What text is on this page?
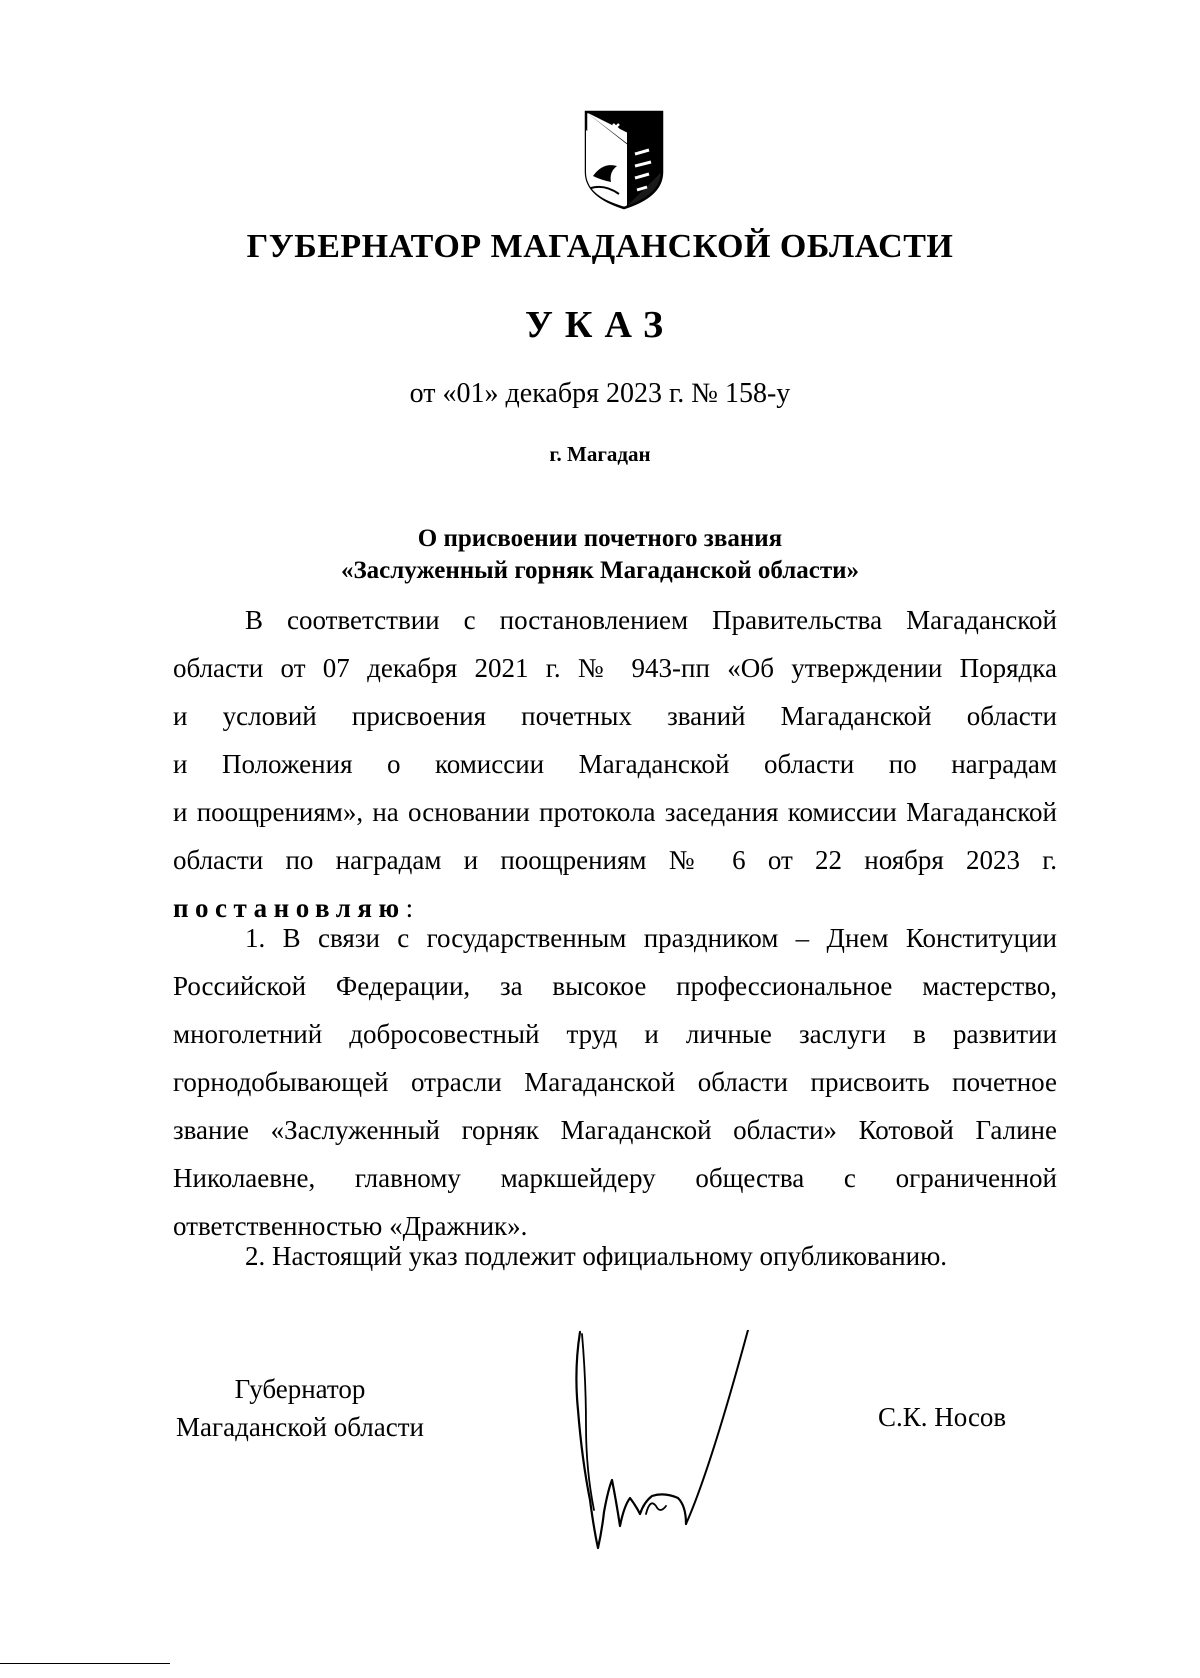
ГУБЕРНАТОР МАГАДАНСКОЙ ОБЛАСТИ
УКАЗ
от «01» декабря 2023 г. № 158-у
г. Магадан
О присвоении почетного звания
«Заслуженный горняк Магаданской области»

В соответствии с постановлением Правительства Магаданской

области от 07 декабря 2021 г. № 943-пп «Об утверждении Порядка

и условий присвоения почетных званий Магаданской области

и Положения о комиссии Магаданской области по наградам

и поощрениям», на основании протокола заседания комиссии Магаданской

области по наградам и поощрениям № 6 от 22 ноября 2023 г.

постановляю:

1. В связи с государственным праздником – Днем Конституции

Российской Федерации, за высокое профессиональное мастерство,

многолетний добросовестный труд и личные заслуги в развитии

горнодобывающей отрасли Магаданской области присвоить почетное

звание «Заслуженный горняк Магаданской области» Котовой Галине

Николаевне, главному маркшейдеру общества с ограниченной

ответственностью «Дражник».

2. Настоящий указ подлежит официальному опубликованию.

Губернатор
Магаданской области	С.К. Носов
